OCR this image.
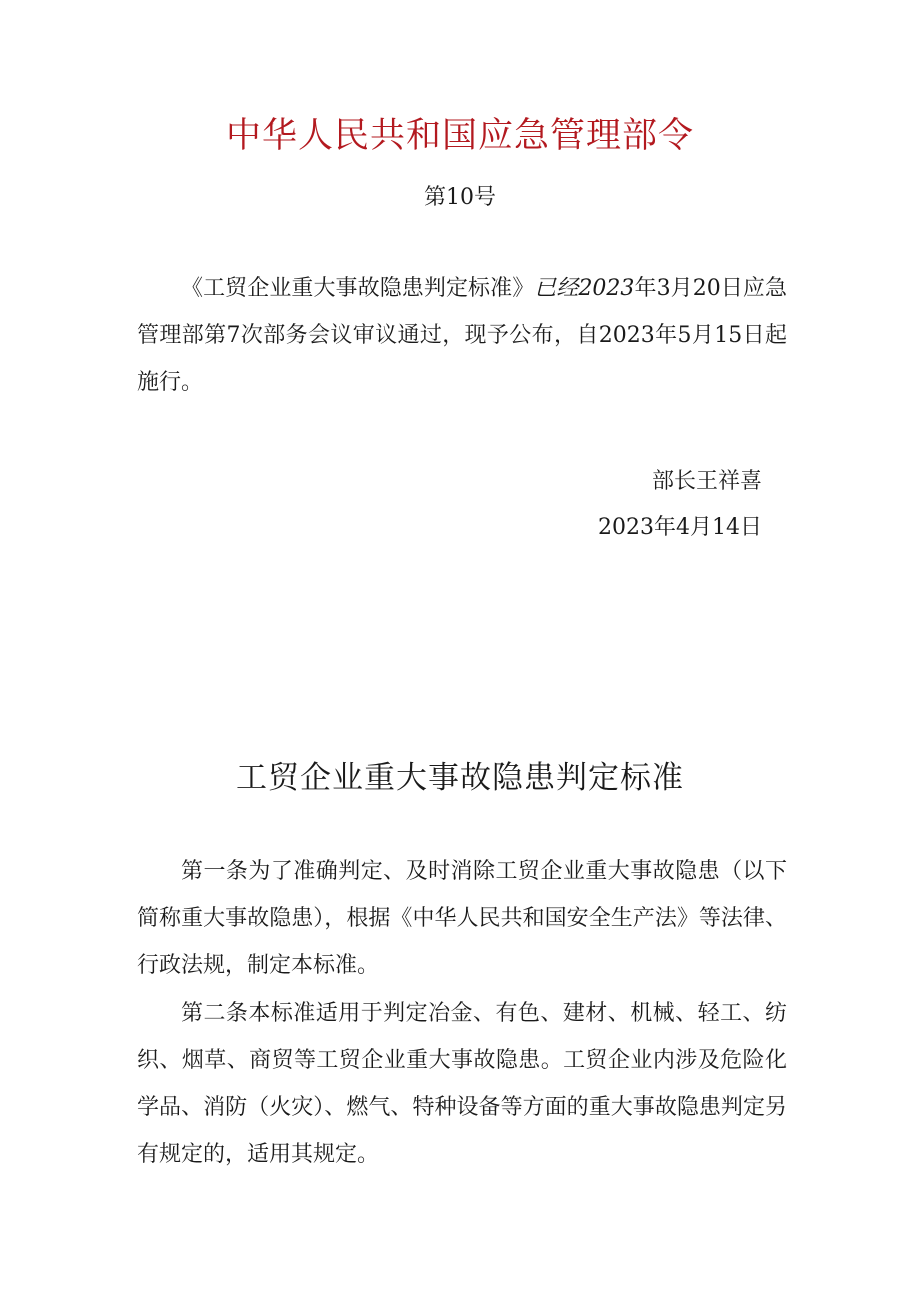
中华人民共和国应急管理部令
第10号

《工贸企业重大事故隐患判定标准》已经2023年3月20日应急管理部第7次部务会议审议通过，现予公布，自2023年5月15日起施行。

部长王祥喜
2023年4月14日
工贸企业重大事故隐患判定标准

第一条为了准确判定、及时消除工贸企业重大事故隐患（以下简称重大事故隐患），根据《中华人民共和国安全生产法》等法律、行政法规，制定本标准。

第二条本标准适用于判定冶金、有色、建材、机械、轻工、纺织、烟草、商贸等工贸企业重大事故隐患。工贸企业内涉及危险化学品、消防（火灾）、燃气、特种设备等方面的重大事故隐患判定另有规定的，适用其规定。
